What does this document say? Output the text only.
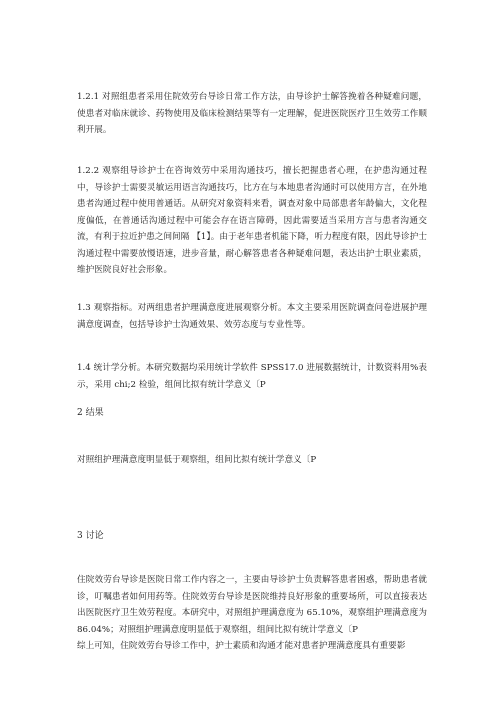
1.2.1 对照组患者采用住院效劳台导诊日常工作方法，由导诊护士解答挽着各种疑难问题，使患者对临床就诊、药物使用及临床检测结果等有一定理解，促进医院医疗卫生效劳工作顺利开展。

1.2.2 观察组导诊护士在咨询效劳中采用沟通技巧，擅长把握患者心理，在护患沟通过程中，导诊护士需要灵敏运用语言沟通技巧，比方在与本地患者沟通时可以使用方言，在外地患者沟通过程中使用普通话。从研究对象资料来看，调查对象中局部患者年龄偏大，文化程度偏低，在普通话沟通过程中可能会存在语言障碍，因此需要适当采用方言与患者沟通交流，有利于拉近护患之间间隔 【1】。由于老年患者机能下降，听力程度有限，因此导诊护士沟通过程中需要放慢语速，进步音量，耐心解答患者各种疑难问题，表达出护士职业素质，维护医院良好社会形象。

1.3 观察指标。对两组患者护理满意度进展观察分析。本文主要采用医院调查问卷进展护理满意度调查，包括导诊护士沟通效果、效劳态度与专业性等。

1.4 统计学分析。本研究数据均采用统计学软件 SPSS17.0 进展数据统计，计数资料用%表示，采用 chi;2 检验，组间比拟有统计学意义〔P

2 结果

对照组护理满意度明显低于观察组，组间比拟有统计学意义〔P

3 讨论

住院效劳台导诊是医院日常工作内容之一，主要由导诊护士负责解答患者困惑，帮助患者就诊，叮嘱患者如何用药等。住院效劳台导诊是医院维持良好形象的重要场所，可以直接表达出医院医疗卫生效劳程度。本研究中，对照组护理满意度为 65.10%，观察组护理满意度为 86.04%；对照组护理满意度明显低于观察组，组间比拟有统计学意义〔P

综上可知，住院效劳台导诊工作中，护士素质和沟通才能对患者护理满意度具有重要影
